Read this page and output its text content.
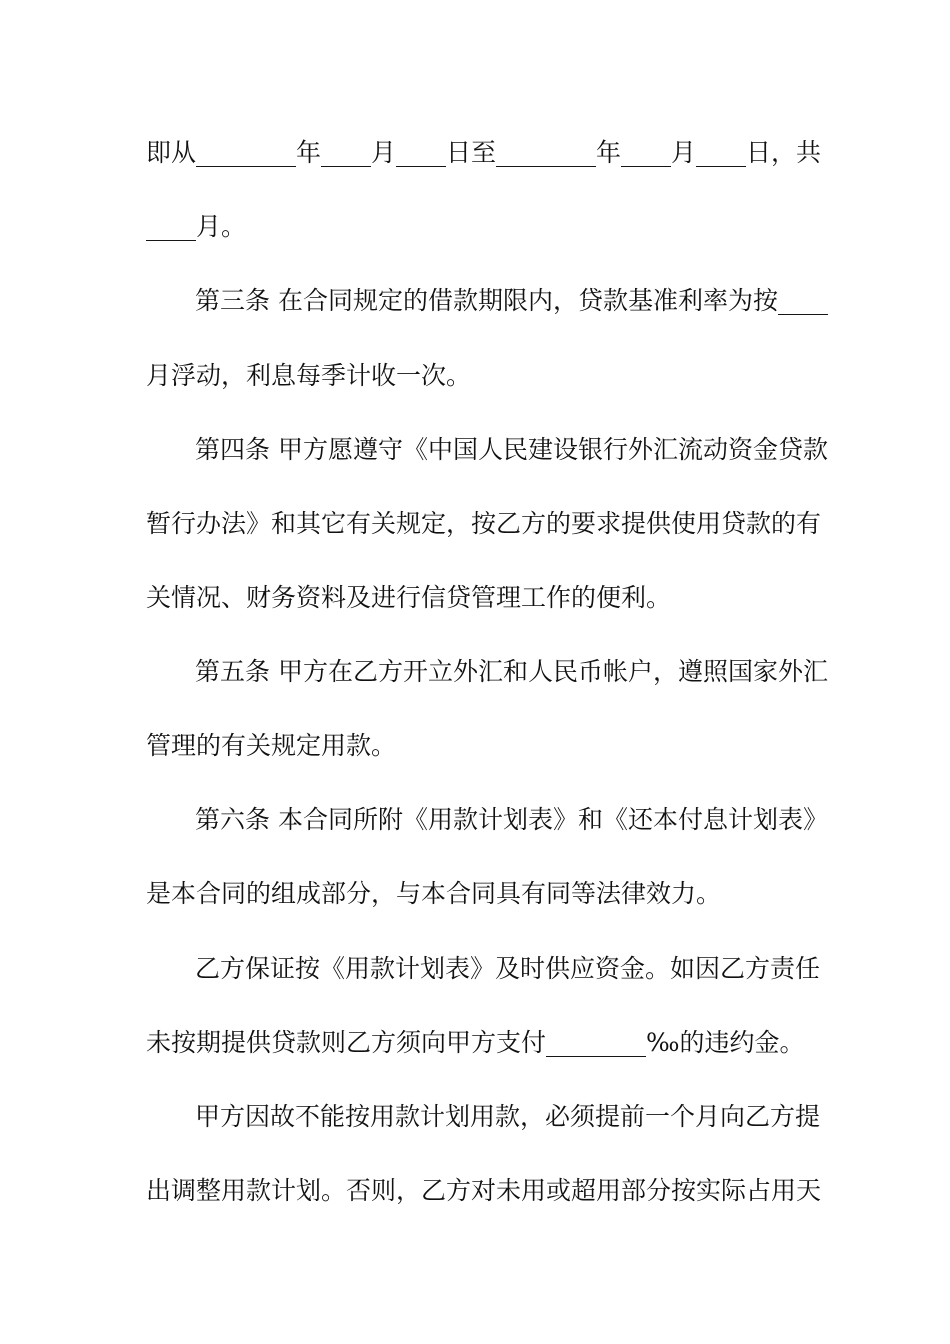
即从________年____月____日至________年____月____日，共
____月。
第三条 在合同规定的借款期限内，贷款基准利率为按____
月浮动，利息每季计收一次。
第四条 甲方愿遵守《中国人民建设银行外汇流动资金贷款
暂行办法》和其它有关规定，按乙方的要求提供使用贷款的有
关情况、财务资料及进行信贷管理工作的便利。
第五条 甲方在乙方开立外汇和人民币帐户，遵照国家外汇
管理的有关规定用款。
第六条 本合同所附《用款计划表》和《还本付息计划表》
是本合同的组成部分，与本合同具有同等法律效力。
乙方保证按《用款计划表》及时供应资金。如因乙方责任
未按期提供贷款则乙方须向甲方支付________‰的违约金。
甲方因故不能按用款计划用款，必须提前一个月向乙方提
出调整用款计划。否则，乙方对未用或超用部分按实际占用天
